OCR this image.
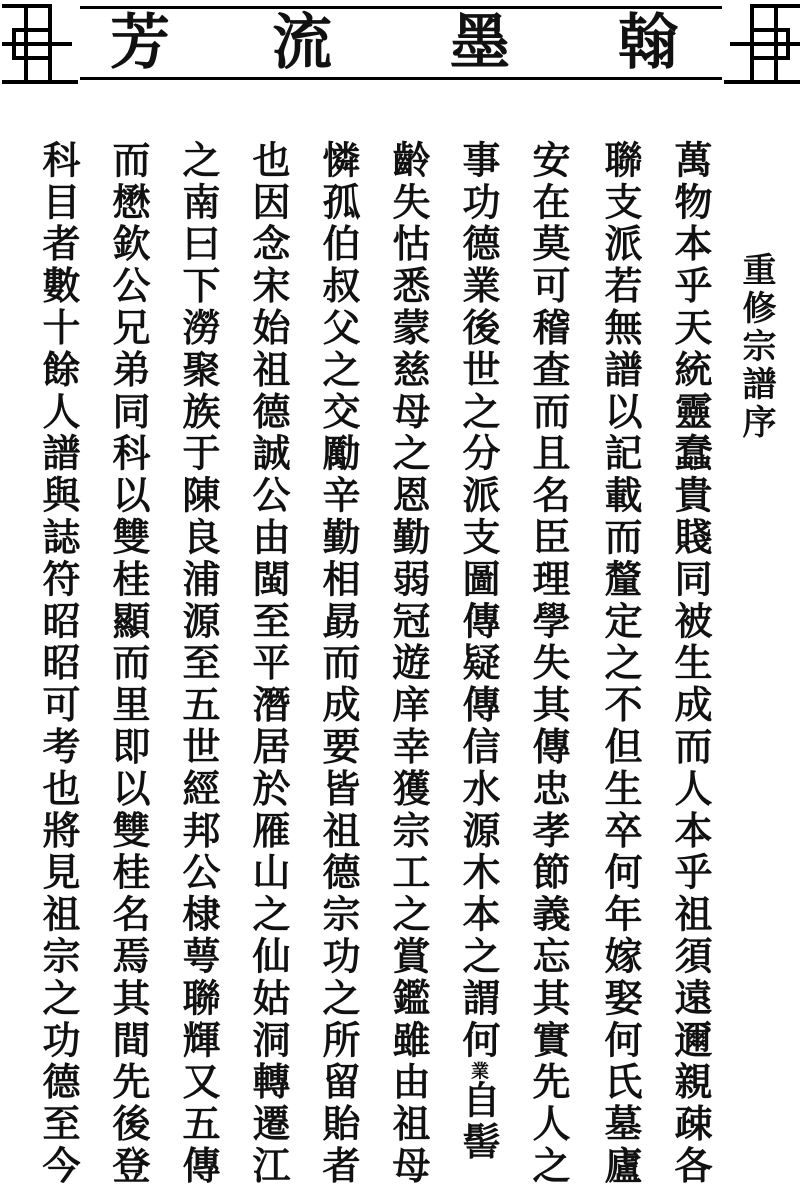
芳 流 墨 翰
重修宗譜序
萬物本乎天統靈蠢貴賤同被生成而人本乎祖須遠邇親疎各
聯支派若無譜以記載而釐定之不但生卒何年嫁娶何氏墓廬
安在莫可稽查而且名臣理學失其傳忠孝節義忘其實先人之
事功德業後世之分派支圖傳疑傳信水源木本之謂何業自髻
齡失怙悉蒙慈母之恩勤弱冠遊庠幸獲宗工之賞鑑雖由祖母
憐孤伯叔父之交勵辛勤相勗而成要皆祖德宗功之所留貽者
也因念宋始祖德誠公由閩至平潛居於雁山之仙姑洞轉遷江
之南曰下澇聚族于陳良浦源至五世經邦公棣萼聯輝又五傳
而懋欽公兄弟同科以雙桂顯而里即以雙桂名焉其間先後登
科目者數十餘人譜與誌符昭昭可考也將見祖宗之功德至今
